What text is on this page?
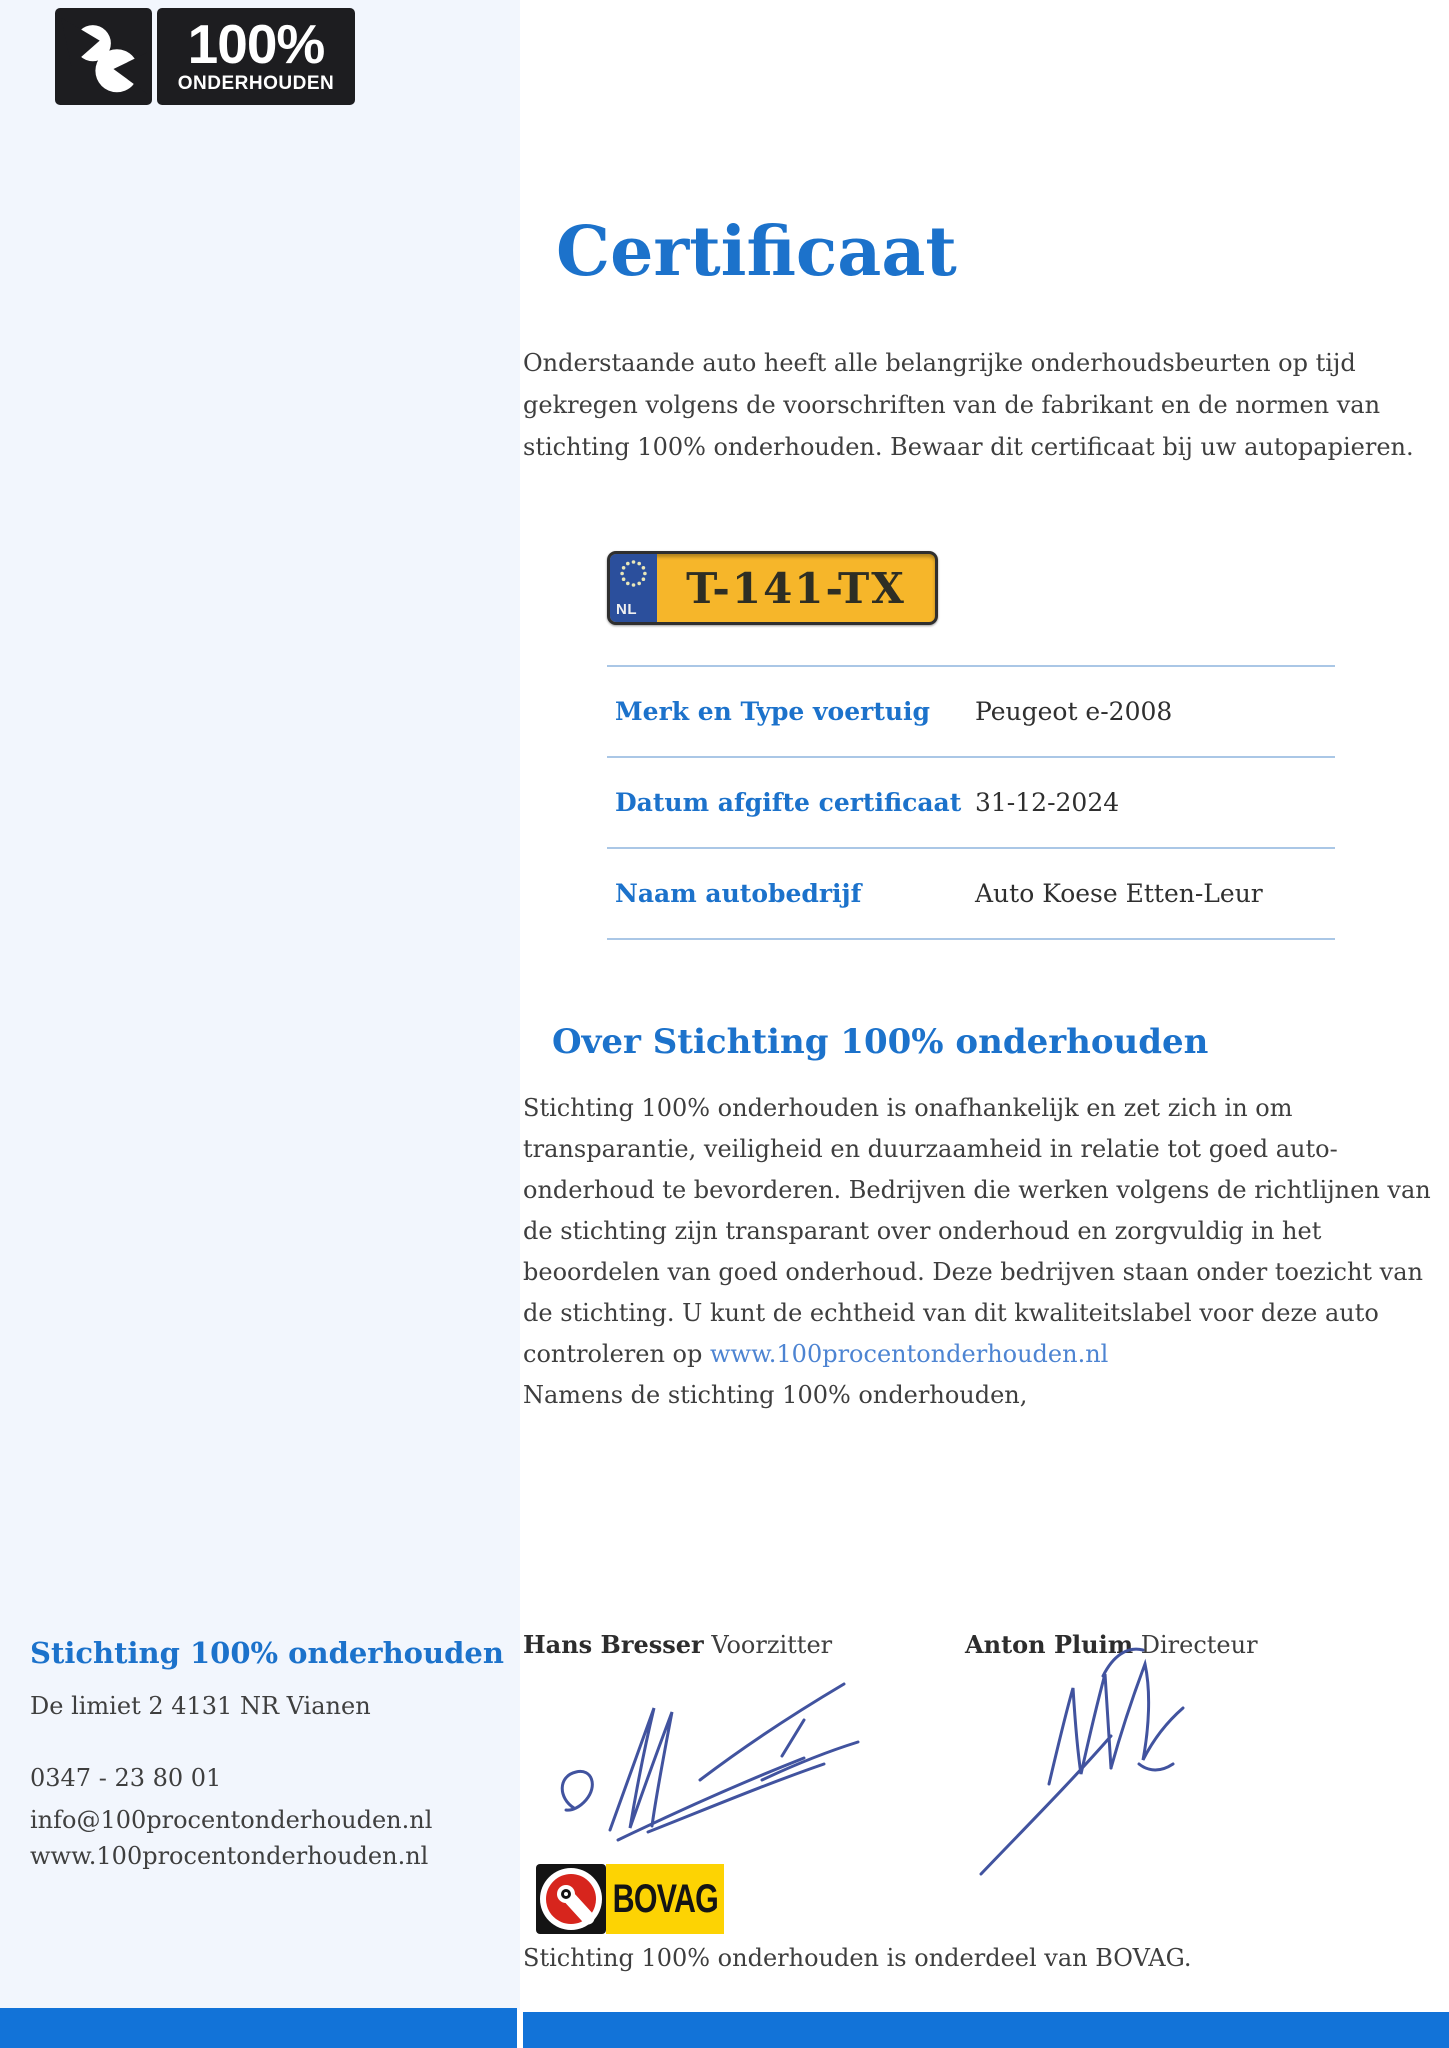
100%
ONDERHOUDEN
Certificaat

Onderstaande auto heeft alle belangrijke onderhoudsbeurten op tijd gekregen volgens de voorschriften van de fabrikant en de normen van stichting 100% onderhouden. Bewaar dit certificaat bij uw autopapieren.

NL	T-141-TX
Merk en Type voertuig Peugeot e-2008
Datum afgifte certificaat 31-12-2024
Naam autobedrijf	Auto Koese Etten-Leur
Over Stichting 100% onderhouden

Stichting 100% onderhouden is onafhankelijk en zet zich in om transparantie, veiligheid en duurzaamheid in relatie tot goed auto-onderhoud te bevorderen. Bedrijven die werken volgens de richtlijnen van de stichting zijn transparant over onderhoud en zorgvuldig in het beoordelen van goed onderhoud. Deze bedrijven staan onder toezicht van de stichting. U kunt de echtheid van dit kwaliteitslabel voor deze auto controleren op www.100procentonderhouden.nl
Namens de stichting 100% onderhouden,

Hans Bresser Voorzitter	Anton Pluim Directeur
BOVAG

Stichting 100% onderhouden is onderdeel van BOVAG.

Stichting 100% onderhouden
De limiet 2 4131 NR Vianen
0347 - 23 80 01
info@100procentonderhouden.nl
www.100procentonderhouden.nl
